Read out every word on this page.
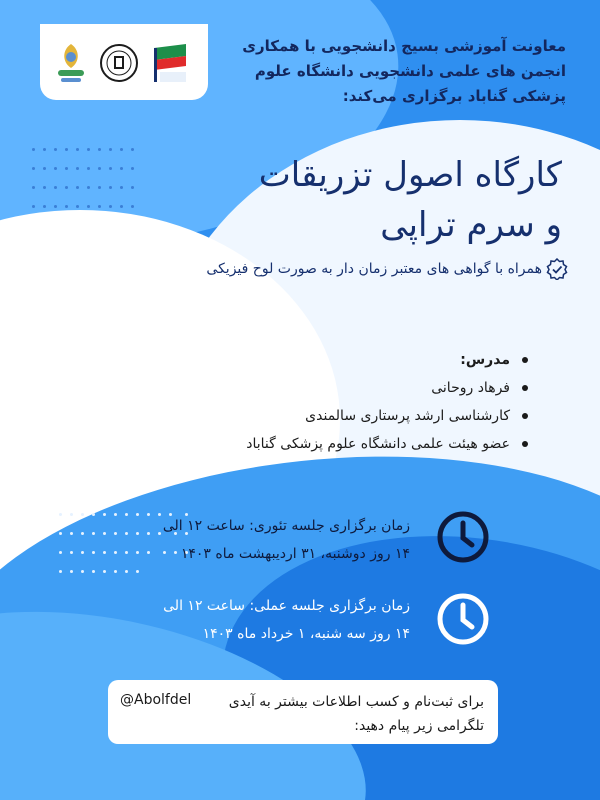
معاونت آموزشی بسیج دانشجویی با همکاری
انجمن های علمی دانشجویی دانشگاه علوم
پزشکی گناباد برگزاری می‌کند:
کارگاه اصول تزریقات
و سرم تراپی
همراه با گواهی های معتبر زمان دار به صورت لوح فیزیکی
مدرس:
فرهاد روحانی
کارشناسی ارشد پرستاری سالمندی
عضو هیئت علمی دانشگاه علوم پزشکی گناباد
زمان برگزاری جلسه تئوری: ساعت ۱۲ الی
۱۴ روز دوشنبه، ۳۱ اردیبهشت ماه ۱۴۰۳
زمان برگزاری جلسه عملی: ساعت ۱۲ الی
۱۴ روز سه شنبه، ۱ خرداد ماه ۱۴۰۳
برای ثبت‌نام و کسب اطلاعات بیشتر به آیدی
تلگرامی زیر پیام دهید:
@Abolfdel
